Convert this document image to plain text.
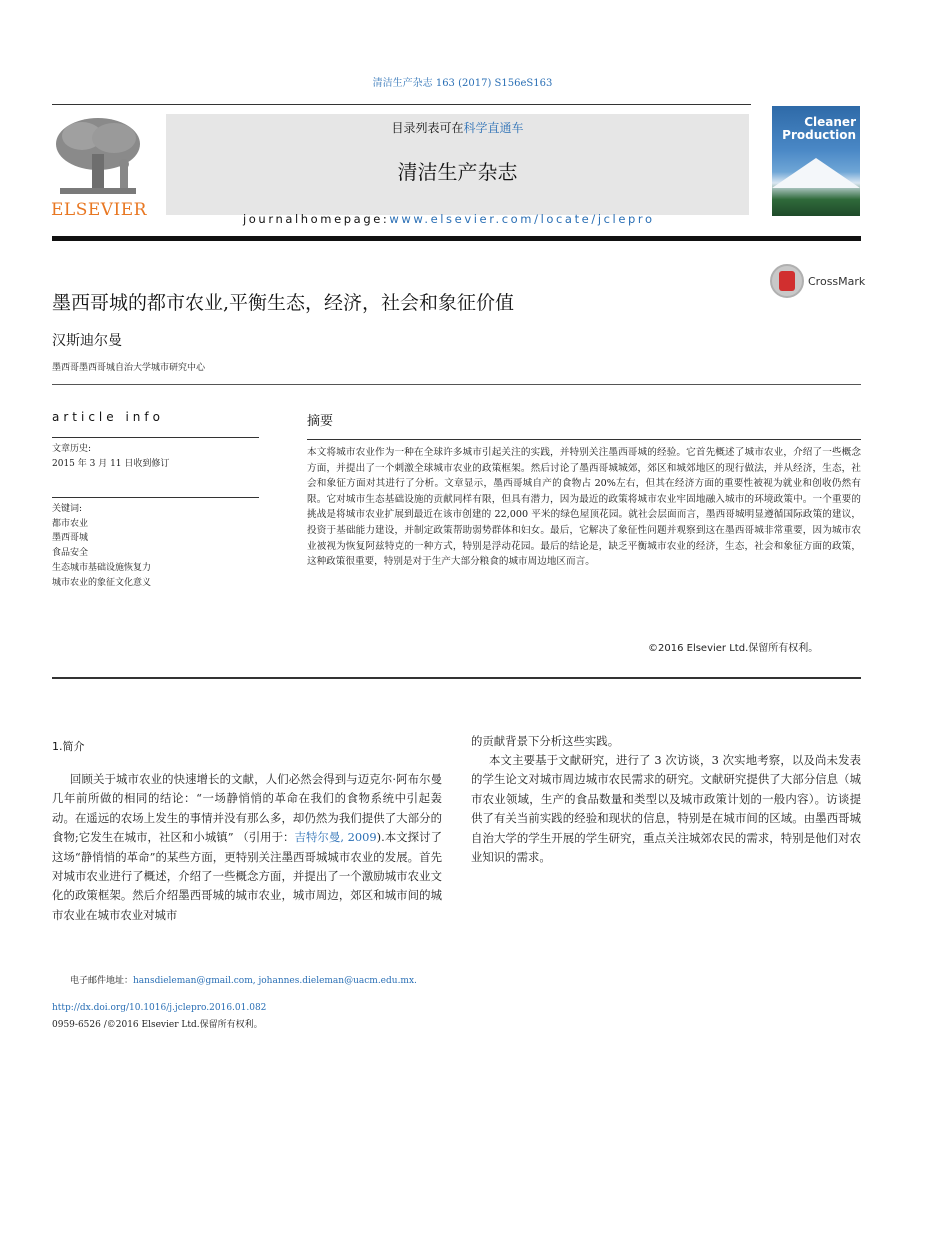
清洁生产杂志 163 (2017) S156eS163
ELSEVIER
目录列表可在科学直通车
清洁生产杂志
journalhomepage:www.elsevier.com/locate/jclepro
Cleaner
Production
CrossMark
墨西哥城的都市农业,平衡生态，经济，社会和象征价值
汉斯迪尔曼
墨西哥墨西哥城自治大学城市研究中心
article info
文章历史:
2015 年 3 月 11 日收到修订
关键词:
都市农业
墨西哥城
食品安全
生态城市基础设施恢复力
城市农业的象征文化意义
摘要
本文将城市农业作为一种在全球许多城市引起关注的实践，并特别关注墨西哥城的经验。它首先概述了城市农业，介绍了一些概念方面，并提出了一个刺激全球城市农业的政策框架。然后讨论了墨西哥城城郊，郊区和城郊地区的现行做法，并从经济，生态，社会和象征方面对其进行了分析。文章显示，墨西哥城自产的食物占 20%左右，但其在经济方面的重要性被视为就业和创收仍然有限。它对城市生态基础设施的贡献同样有限，但具有潜力，因为最近的政策将城市农业牢固地融入城市的环境政策中。一个重要的挑战是将城市农业扩展到最近在该市创建的 22,000 平米的绿色屋顶花园。就社会层面而言，墨西哥城明显遵循国际政策的建议，投资于基础能力建设，并制定政策帮助弱势群体和妇女。最后，它解决了象征性问题并观察到这在墨西哥城非常重要，因为城市农业被视为恢复阿兹特克的一种方式，特别是浮动花园。最后的结论是，缺乏平衡城市农业的经济，生态，社会和象征方面的政策，这种政策很重要，特别是对于生产大部分粮食的城市周边地区而言。
©2016 Elsevier Ltd.保留所有权利。
1.简介
回顾关于城市农业的快速增长的文献，人们必然会得到与迈克尔·阿布尔曼几年前所做的相同的结论：“一场静悄悄的革命在我们的食物系统中引起轰动。在遥远的农场上发生的事情并没有那么多，却仍然为我们提供了大部分的食物;它发生在城市，社区和小城镇” （引用于：吉特尔曼, 2009).本文探讨了这场“静悄悄的革命”的某些方面，更特别关注墨西哥城城市农业的发展。首先对城市农业进行了概述，介绍了一些概念方面，并提出了一个激励城市农业文化的政策框架。然后介绍墨西哥城的城市农业，城市周边，郊区和城市间的城市农业在城市农业对城市
的贡献背景下分析这些实践。
本文主要基于文献研究，进行了 3 次访谈，3 次实地考察，以及尚未发表的学生论文对城市周边城市农民需求的研究。文献研究提供了大部分信息（城市农业领域，生产的食品数量和类型以及城市政策计划的一般内容）。访谈提供了有关当前实践的经验和现状的信息，特别是在城市间的区域。由墨西哥城自治大学的学生开展的学生研究，重点关注城郊农民的需求，特别是他们对农业知识的需求。
电子邮件地址：hansdieleman@gmail.com, johannes.dieleman@uacm.edu.mx.
http://dx.doi.org/10.1016/j.jclepro.2016.01.082
0959-6526 /©2016 Elsevier Ltd.保留所有权利。
